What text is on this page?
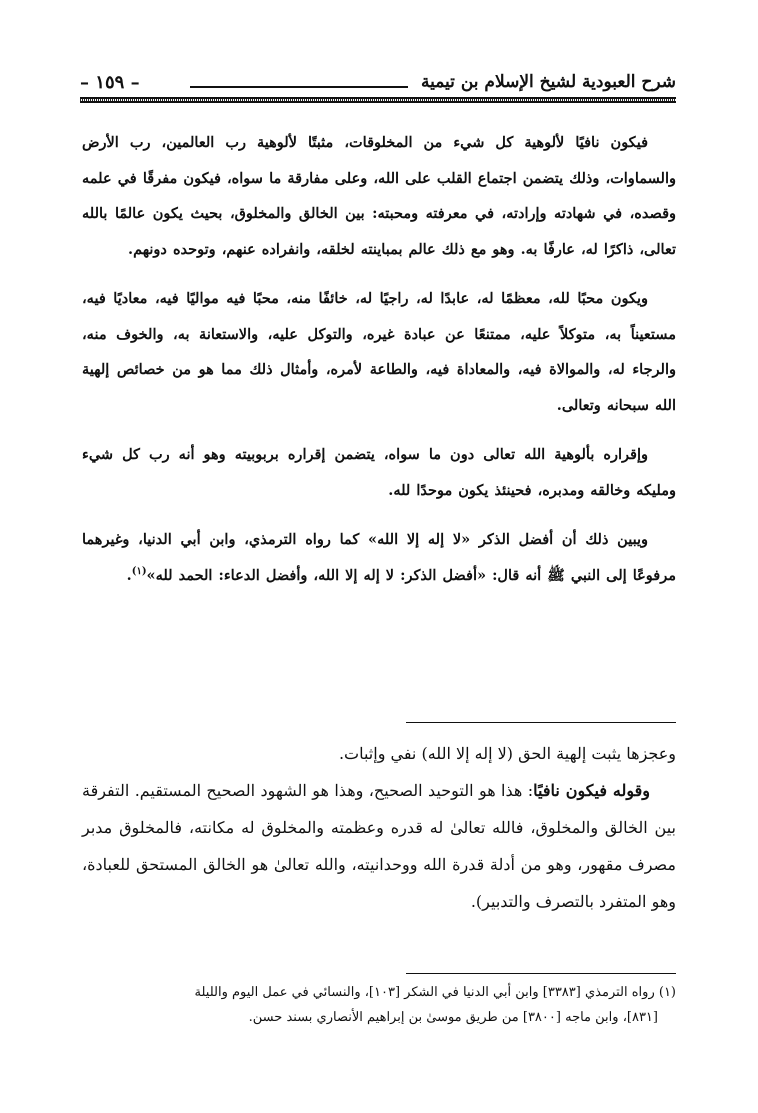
شرح العبودية لشيخ الإسلام بن تيمية
– ١٥٩ –

فيكون نافيًا لألوهية كل شيء من المخلوقات، مثبتًا لألوهية رب العالمين، رب الأرض والسماوات، وذلك يتضمن اجتماع القلب على الله، وعلى مفارقة ما سواه، فيكون مفرقًا في علمه وقصده، في شهادته وإرادته، في معرفته ومحبته: بين الخالق والمخلوق، بحيث يكون عالمًا بالله تعالى، ذاكرًا له، عارفًا به. وهو مع ذلك عالم بمباينته لخلقه، وانفراده عنهم، وتوحده دونهم.

ويكون محبًا لله، معظمًا له، عابدًا له، راجيًا له، خائفًا منه، محبًا فيه مواليًا فيه، معاديًا فيه، مستعيناً به، متوكلاً عليه، ممتنعًا عن عبادة غيره، والتوكل عليه، والاستعانة به، والخوف منه، والرجاء له، والموالاة فيه، والمعاداة فيه، والطاعة لأمره، وأمثال ذلك مما هو من خصائص إلهية الله سبحانه وتعالى.

وإقراره بألوهية الله تعالى دون ما سواه، يتضمن إقراره بربوبيته وهو أنه رب كل شيء ومليكه وخالقه ومدبره، فحينئذ يكون موحدًا لله.

ويبين ذلك أن أفضل الذكر «لا إله إلا الله» كما رواه الترمذي، وابن أبي الدنيا، وغيرهما مرفوعًا إلى النبي ﷺ أنه قال: «أفضل الذكر: لا إله إلا الله، وأفضل الدعاء: الحمد لله»$^{(١)}$.

وعجزها يثبت إلهية الحق (لا إله إلا الله) نفي وإثبات.

وقوله فيكون نافيًا: هذا هو التوحيد الصحيح، وهذا هو الشهود الصحيح المستقيم. التفرقة بين الخالق والمخلوق، فالله تعالىٰ له قدره وعظمته والمخلوق له مكانته، فالمخلوق مدبر مصرف مقهور، وهو من أدلة قدرة الله ووحدانيته، والله تعالىٰ هو الخالق المستحق للعبادة، وهو المتفرد بالتصرف والتدبير).

(١) رواه الترمذي [٣٣٨٣] وابن أبي الدنيا في الشكر [١٠٣]، والنسائي في عمل اليوم والليلة

[٨٣١]، وابن ماجه [٣٨٠٠] من طريق موسىٰ بن إبراهيم الأنصاري بسند حسن.
